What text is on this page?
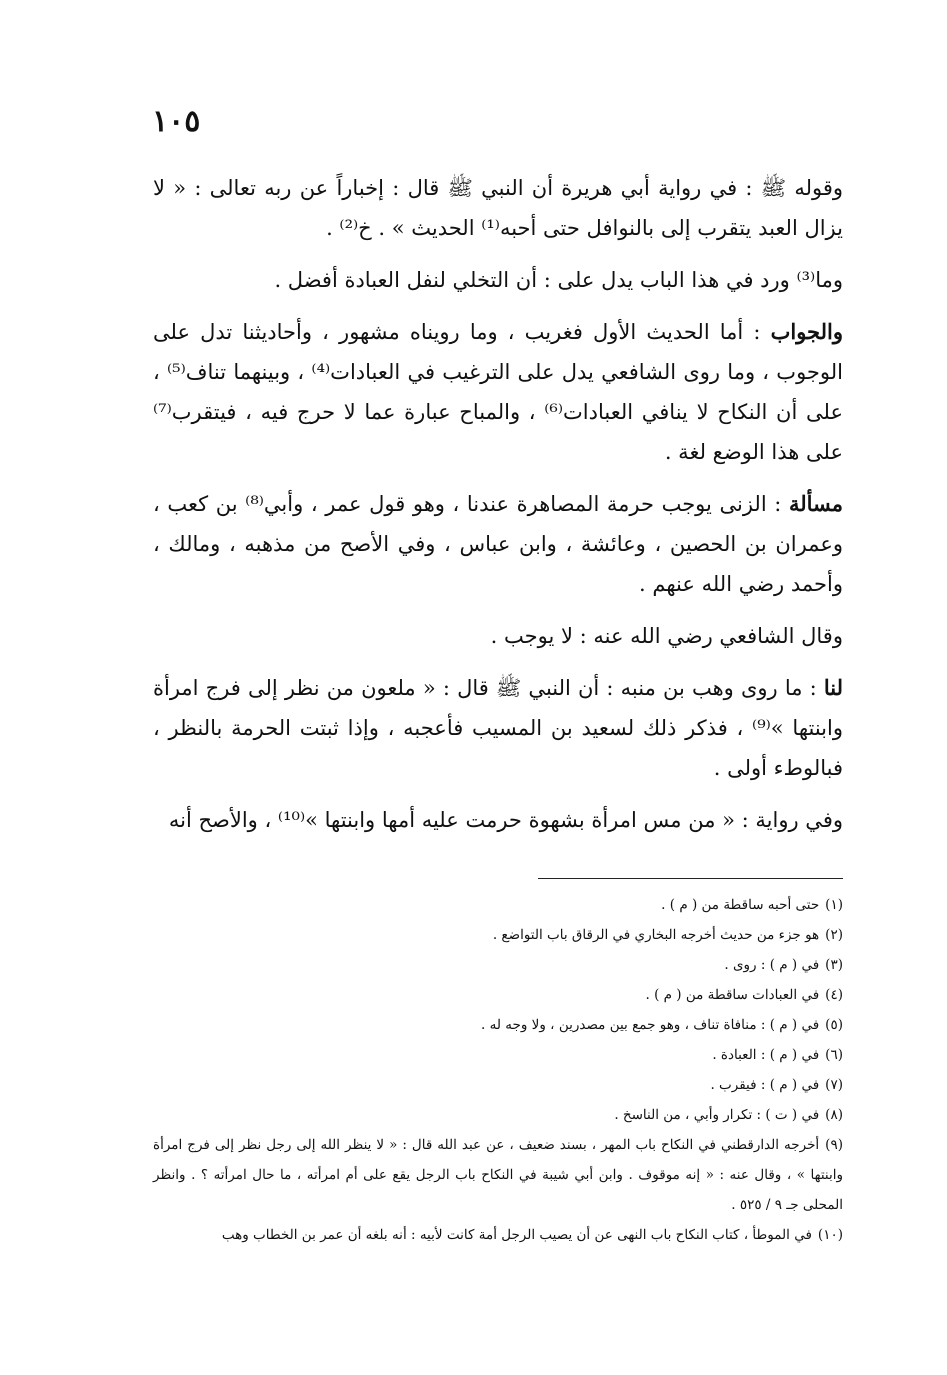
١٠٥

وقوله ﷺ : في رواية أبي هريرة أن النبي ﷺ قال : إخباراً عن ربه تعالى : « لا يزال العبد يتقرب إلى بالنوافل حتى أحبه⁽¹⁾ الحديث » . خ⁽²⁾ .

وما⁽³⁾ ورد في هذا الباب يدل على : أن التخلي لنفل العبادة أفضل .

والجواب : أما الحديث الأول فغريب ، وما رويناه مشهور ، وأحاديثنا تدل على الوجوب ، وما روى الشافعي يدل على الترغيب في العبادات⁽⁴⁾ ، وبينهما تناف⁽⁵⁾ ، على أن النكاح لا ينافي العبادات⁽⁶⁾ ، والمباح عبارة عما لا حرج فيه ، فيتقرب⁽⁷⁾ على هذا الوضع لغة .

مسألة : الزنى يوجب حرمة المصاهرة عندنا ، وهو قول عمر ، وأبي⁽⁸⁾ بن كعب ، وعمران بن الحصين ، وعائشة ، وابن عباس ، وفي الأصح من مذهبه ، ومالك ، وأحمد رضي الله عنهم .

وقال الشافعي رضي الله عنه : لا يوجب .

لنا : ما روى وهب بن منبه : أن النبي ﷺ قال : « ملعون من نظر إلى فرج امرأة وابنتها »⁽⁹⁾ ، فذكر ذلك لسعيد بن المسيب فأعجبه ، وإذا ثبتت الحرمة بالنظر ، فبالوطء أولى .

وفي رواية : « من مس امرأة بشهوة حرمت عليه أمها وابنتها »⁽¹⁰⁾ ، والأصح أنه

(١)حتى أحبه ساقطة من ( م ) .

(٢)هو جزء من حديث أخرجه البخاري في الرقاق باب التواضع .

(٣)في ( م ) : روى .

(٤)في العبادات ساقطة من ( م ) .

(٥)في ( م ) : منافاة تناف ، وهو جمع بين مصدرين ، ولا وجه له .

(٦)في ( م ) : العبادة .

(٧)في ( م ) : فيقرب .

(٨)في ( ت ) : تكرار وأبي ، من الناسخ .

(٩)أخرجه الدارقطني في النكاح باب المهر ، بسند ضعيف ، عن عبد الله قال : « لا ينظر الله إلى رجل نظر إلى فرج امرأة وابنتها » ، وقال عنه : « إنه موقوف . وابن أبي شيبة في النكاح باب الرجل يقع على أم امرأته ، ما حال امرأته ؟ . وانظر المحلى جـ ٩ / ٥٢٥ .

(١٠)في الموطأ ، كتاب النكاح باب النهى عن أن يصيب الرجل أمة كانت لأبيه : أنه بلغه أن عمر بن الخطاب وهب
